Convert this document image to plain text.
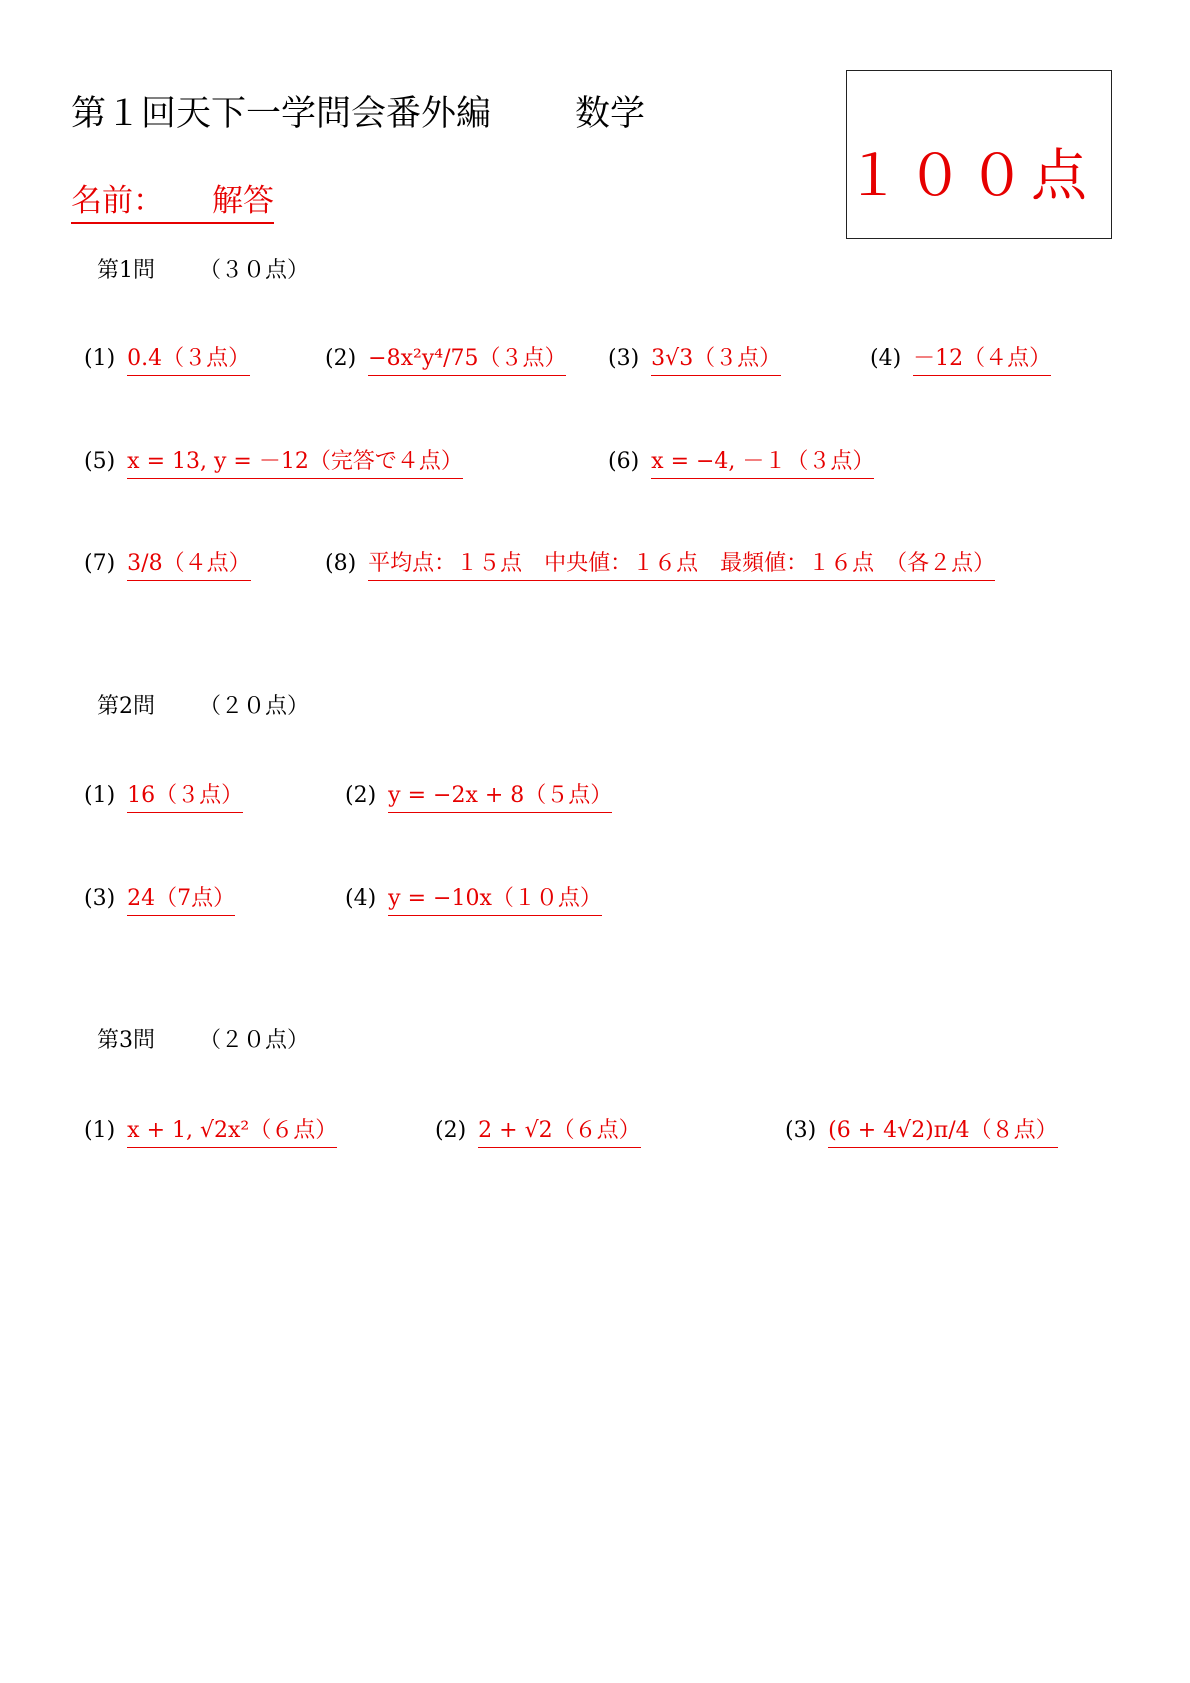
第１回天下一学問会番外編 数学
名前： 解答	１００点
第1問 （３０点）
(1) 0.4（３点）	(2) −8x²y⁴/75（３点） (3) 3√3（３点）	(4) －12（４点）
(5) x = 13, y = －12（完答で４点）	(6) x = −4, －１（３点）
(7) 3/8（４点）	(8) 平均点：１５点　中央値：１６点　最頻値：１６点　（各２点）
第2問 （２０点）
(1) 16（３点）	(2) y = −2x + 8（５点）
(3) 24（7点）	(4) y = −10x（１０点）
第3問 （２０点）
(1) x + 1, √2x²（６点）	(2) 2 + √2（６点）	(3) (6 + 4√2)π/4（８点）
